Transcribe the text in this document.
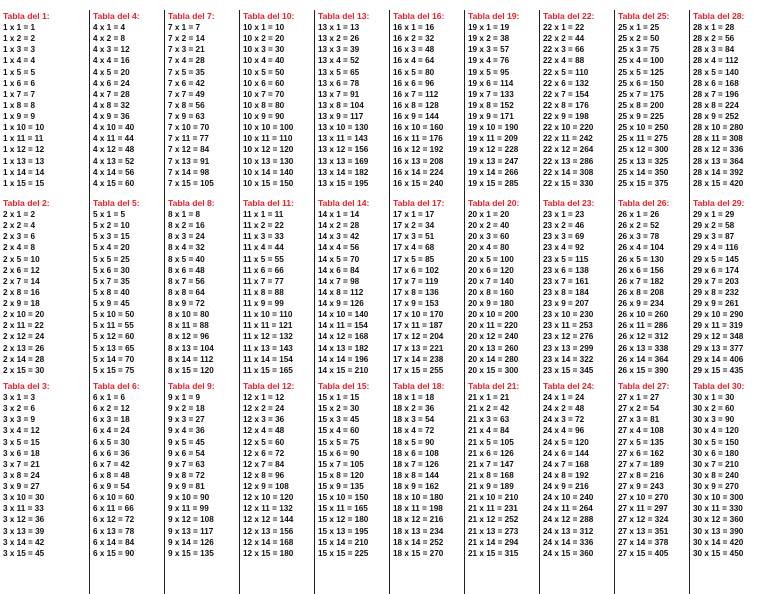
Tabla del 1:
1 x 1 = 1
1 x 2 = 2
1 x 3 = 3
1 x 4 = 4
1 x 5 = 5
1 x 6 = 6
1 x 7 = 7
1 x 8 = 8
1 x 9 = 9
1 x 10 = 10
1 x 11 = 11
1 x 12 = 12
1 x 13 = 13
1 x 14 = 14
1 x 15 = 15
Tabla del 2:
2 x 1 = 2
2 x 2 = 4
2 x 3 = 6
2 x 4 = 8
2 x 5 = 10
2 x 6 = 12
2 x 7 = 14
2 x 8 = 16
2 x 9 = 18
2 x 10 = 20
2 x 11 = 22
2 x 12 = 24
2 x 13 = 26
2 x 14 = 28
2 x 15 = 30
Tabla del 3:
3 x 1 = 3
3 x 2 = 6
3 x 3 = 9
3 x 4 = 12
3 x 5 = 15
3 x 6 = 18
3 x 7 = 21
3 x 8 = 24
3 x 9 = 27
3 x 10 = 30
3 x 11 = 33
3 x 12 = 36
3 x 13 = 39
3 x 14 = 42
3 x 15 = 45
Tabla del 4:
4 x 1 = 4
4 x 2 = 8
4 x 3 = 12
4 x 4 = 16
4 x 5 = 20
4 x 6 = 24
4 x 7 = 28
4 x 8 = 32
4 x 9 = 36
4 x 10 = 40
4 x 11 = 44
4 x 12 = 48
4 x 13 = 52
4 x 14 = 56
4 x 15 = 60
Tabla del 5:
5 x 1 = 5
5 x 2 = 10
5 x 3 = 15
5 x 4 = 20
5 x 5 = 25
5 x 6 = 30
5 x 7 = 35
5 x 8 = 40
5 x 9 = 45
5 x 10 = 50
5 x 11 = 55
5 x 12 = 60
5 x 13 = 65
5 x 14 = 70
5 x 15 = 75
Tabla del 6:
6 x 1 = 6
6 x 2 = 12
6 x 3 = 18
6 x 4 = 24
6 x 5 = 30
6 x 6 = 36
6 x 7 = 42
6 x 8 = 48
6 x 9 = 54
6 x 10 = 60
6 x 11 = 66
6 x 12 = 72
6 x 13 = 78
6 x 14 = 84
6 x 15 = 90
Tabla del 7:
7 x 1 = 7
7 x 2 = 14
7 x 3 = 21
7 x 4 = 28
7 x 5 = 35
7 x 6 = 42
7 x 7 = 49
7 x 8 = 56
7 x 9 = 63
7 x 10 = 70
7 x 11 = 77
7 x 12 = 84
7 x 13 = 91
7 x 14 = 98
7 x 15 = 105
Tabla del 8:
8 x 1 = 8
8 x 2 = 16
8 x 3 = 24
8 x 4 = 32
8 x 5 = 40
8 x 6 = 48
8 x 7 = 56
8 x 8 = 64
8 x 9 = 72
8 x 10 = 80
8 x 11 = 88
8 x 12 = 96
8 x 13 = 104
8 x 14 = 112
8 x 15 = 120
Tabla del 9:
9 x 1 = 9
9 x 2 = 18
9 x 3 = 27
9 x 4 = 36
9 x 5 = 45
9 x 6 = 54
9 x 7 = 63
9 x 8 = 72
9 x 9 = 81
9 x 10 = 90
9 x 11 = 99
9 x 12 = 108
9 x 13 = 117
9 x 14 = 126
9 x 15 = 135
Tabla del 10:
10 x 1 = 10
10 x 2 = 20
10 x 3 = 30
10 x 4 = 40
10 x 5 = 50
10 x 6 = 60
10 x 7 = 70
10 x 8 = 80
10 x 9 = 90
10 x 10 = 100
10 x 11 = 110
10 x 12 = 120
10 x 13 = 130
10 x 14 = 140
10 x 15 = 150
Tabla del 11:
11 x 1 = 11
11 x 2 = 22
11 x 3 = 33
11 x 4 = 44
11 x 5 = 55
11 x 6 = 66
11 x 7 = 77
11 x 8 = 88
11 x 9 = 99
11 x 10 = 110
11 x 11 = 121
11 x 12 = 132
11 x 13 = 143
11 x 14 = 154
11 x 15 = 165
Tabla del 12:
12 x 1 = 12
12 x 2 = 24
12 x 3 = 36
12 x 4 = 48
12 x 5 = 60
12 x 6 = 72
12 x 7 = 84
12 x 8 = 96
12 x 9 = 108
12 x 10 = 120
12 x 11 = 132
12 x 12 = 144
12 x 13 = 156
12 x 14 = 168
12 x 15 = 180
Tabla del 13:
13 x 1 = 13
13 x 2 = 26
13 x 3 = 39
13 x 4 = 52
13 x 5 = 65
13 x 6 = 78
13 x 7 = 91
13 x 8 = 104
13 x 9 = 117
13 x 10 = 130
13 x 11 = 143
13 x 12 = 156
13 x 13 = 169
13 x 14 = 182
13 x 15 = 195
Tabla del 14:
14 x 1 = 14
14 x 2 = 28
14 x 3 = 42
14 x 4 = 56
14 x 5 = 70
14 x 6 = 84
14 x 7 = 98
14 x 8 = 112
14 x 9 = 126
14 x 10 = 140
14 x 11 = 154
14 x 12 = 168
14 x 13 = 182
14 x 14 = 196
14 x 15 = 210
Tabla del 15:
15 x 1 = 15
15 x 2 = 30
15 x 3 = 45
15 x 4 = 60
15 x 5 = 75
15 x 6 = 90
15 x 7 = 105
15 x 8 = 120
15 x 9 = 135
15 x 10 = 150
15 x 11 = 165
15 x 12 = 180
15 x 13 = 195
15 x 14 = 210
15 x 15 = 225
Tabla del 16:
16 x 1 = 16
16 x 2 = 32
16 x 3 = 48
16 x 4 = 64
16 x 5 = 80
16 x 6 = 96
16 x 7 = 112
16 x 8 = 128
16 x 9 = 144
16 x 10 = 160
16 x 11 = 176
16 x 12 = 192
16 x 13 = 208
16 x 14 = 224
16 x 15 = 240
Tabla del 17:
17 x 1 = 17
17 x 2 = 34
17 x 3 = 51
17 x 4 = 68
17 x 5 = 85
17 x 6 = 102
17 x 7 = 119
17 x 8 = 136
17 x 9 = 153
17 x 10 = 170
17 x 11 = 187
17 x 12 = 204
17 x 13 = 221
17 x 14 = 238
17 x 15 = 255
Tabla del 18:
18 x 1 = 18
18 x 2 = 36
18 x 3 = 54
18 x 4 = 72
18 x 5 = 90
18 x 6 = 108
18 x 7 = 126
18 x 8 = 144
18 x 9 = 162
18 x 10 = 180
18 x 11 = 198
18 x 12 = 216
18 x 13 = 234
18 x 14 = 252
18 x 15 = 270
Tabla del 19:
19 x 1 = 19
19 x 2 = 38
19 x 3 = 57
19 x 4 = 76
19 x 5 = 95
19 x 6 = 114
19 x 7 = 133
19 x 8 = 152
19 x 9 = 171
19 x 10 = 190
19 x 11 = 209
19 x 12 = 228
19 x 13 = 247
19 x 14 = 266
19 x 15 = 285
Tabla del 20:
20 x 1 = 20
20 x 2 = 40
20 x 3 = 60
20 x 4 = 80
20 x 5 = 100
20 x 6 = 120
20 x 7 = 140
20 x 8 = 160
20 x 9 = 180
20 x 10 = 200
20 x 11 = 220
20 x 12 = 240
20 x 13 = 260
20 x 14 = 280
20 x 15 = 300
Tabla del 21:
21 x 1 = 21
21 x 2 = 42
21 x 3 = 63
21 x 4 = 84
21 x 5 = 105
21 x 6 = 126
21 x 7 = 147
21 x 8 = 168
21 x 9 = 189
21 x 10 = 210
21 x 11 = 231
21 x 12 = 252
21 x 13 = 273
21 x 14 = 294
21 x 15 = 315
Tabla del 22:
22 x 1 = 22
22 x 2 = 44
22 x 3 = 66
22 x 4 = 88
22 x 5 = 110
22 x 6 = 132
22 x 7 = 154
22 x 8 = 176
22 x 9 = 198
22 x 10 = 220
22 x 11 = 242
22 x 12 = 264
22 x 13 = 286
22 x 14 = 308
22 x 15 = 330
Tabla del 23:
23 x 1 = 23
23 x 2 = 46
23 x 3 = 69
23 x 4 = 92
23 x 5 = 115
23 x 6 = 138
23 x 7 = 161
23 x 8 = 184
23 x 9 = 207
23 x 10 = 230
23 x 11 = 253
23 x 12 = 276
23 x 13 = 299
23 x 14 = 322
23 x 15 = 345
Tabla del 24:
24 x 1 = 24
24 x 2 = 48
24 x 3 = 72
24 x 4 = 96
24 x 5 = 120
24 x 6 = 144
24 x 7 = 168
24 x 8 = 192
24 x 9 = 216
24 x 10 = 240
24 x 11 = 264
24 x 12 = 288
24 x 13 = 312
24 x 14 = 336
24 x 15 = 360
Tabla del 25:
25 x 1 = 25
25 x 2 = 50
25 x 3 = 75
25 x 4 = 100
25 x 5 = 125
25 x 6 = 150
25 x 7 = 175
25 x 8 = 200
25 x 9 = 225
25 x 10 = 250
25 x 11 = 275
25 x 12 = 300
25 x 13 = 325
25 x 14 = 350
25 x 15 = 375
Tabla del 26:
26 x 1 = 26
26 x 2 = 52
26 x 3 = 78
26 x 4 = 104
26 x 5 = 130
26 x 6 = 156
26 x 7 = 182
26 x 8 = 208
26 x 9 = 234
26 x 10 = 260
26 x 11 = 286
26 x 12 = 312
26 x 13 = 338
26 x 14 = 364
26 x 15 = 390
Tabla del 27:
27 x 1 = 27
27 x 2 = 54
27 x 3 = 81
27 x 4 = 108
27 x 5 = 135
27 x 6 = 162
27 x 7 = 189
27 x 8 = 216
27 x 9 = 243
27 x 10 = 270
27 x 11 = 297
27 x 12 = 324
27 x 13 = 351
27 x 14 = 378
27 x 15 = 405
Tabla del 28:
28 x 1 = 28
28 x 2 = 56
28 x 3 = 84
28 x 4 = 112
28 x 5 = 140
28 x 6 = 168
28 x 7 = 196
28 x 8 = 224
28 x 9 = 252
28 x 10 = 280
28 x 11 = 308
28 x 12 = 336
28 x 13 = 364
28 x 14 = 392
28 x 15 = 420
Tabla del 29:
29 x 1 = 29
29 x 2 = 58
29 x 3 = 87
29 x 4 = 116
29 x 5 = 145
29 x 6 = 174
29 x 7 = 203
29 x 8 = 232
29 x 9 = 261
29 x 10 = 290
29 x 11 = 319
29 x 12 = 348
29 x 13 = 377
29 x 14 = 406
29 x 15 = 435
Tabla del 30:
30 x 1 = 30
30 x 2 = 60
30 x 3 = 90
30 x 4 = 120
30 x 5 = 150
30 x 6 = 180
30 x 7 = 210
30 x 8 = 240
30 x 9 = 270
30 x 10 = 300
30 x 11 = 330
30 x 12 = 360
30 x 13 = 390
30 x 14 = 420
30 x 15 = 450
